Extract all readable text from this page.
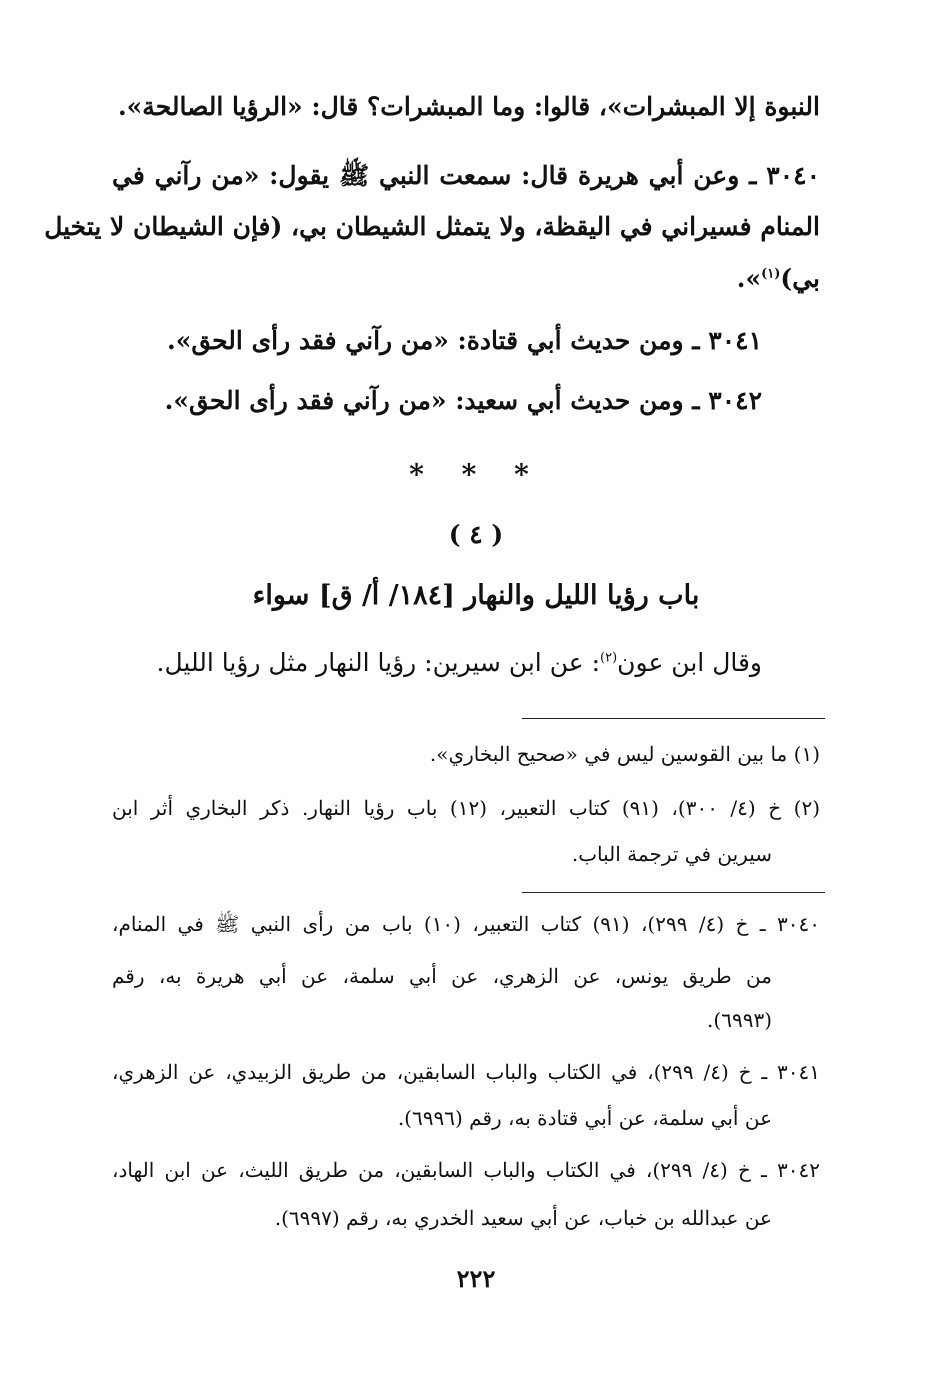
النبوة إلا المبشرات»، قالوا: وما المبشرات؟ قال: «الرؤيا الصالحة».
٣٠٤٠ ـ وعن أبي هريرة قال: سمعت النبي ﷺ يقول: «من رآني في
المنام فسيراني في اليقظة، ولا يتمثل الشيطان بي، (فإن الشيطان لا يتخيل
بي)$^{(١)}$».
٣٠٤١ ـ ومن حديث أبي قتادة: «من رآني فقد رأى الحق».
٣٠٤٢ ـ ومن حديث أبي سعيد: «من رآني فقد رأى الحق».
* * *
( ٤ )
باب رؤيا الليل والنهار [١٨٤/ أ/ ق] سواء
وقال ابن عون$^{(٢)}$: عن ابن سيرين: رؤيا النهار مثل رؤيا الليل.
(١) ما بين القوسين ليس في «صحيح البخاري».
(٢) خ (٤/ ٣٠٠)، (٩١) كتاب التعبير، (١٢) باب رؤيا النهار. ذكر البخاري أثر ابن
سيرين في ترجمة الباب.
٣٠٤٠ ـ خ (٤/ ٢٩٩)، (٩١) كتاب التعبير، (١٠) باب من رأى النبي ﷺ في المنام،
من طريق يونس، عن الزهري، عن أبي سلمة، عن أبي هريرة به، رقم
(٦٩٩٣).
٣٠٤١ ـ خ (٤/ ٢٩٩)، في الكتاب والباب السابقين، من طريق الزبيدي، عن الزهري،
عن أبي سلمة، عن أبي قتادة به، رقم (٦٩٩٦).
٣٠٤٢ ـ خ (٤/ ٢٩٩)، في الكتاب والباب السابقين، من طريق الليث، عن ابن الهاد،
عن عبدالله بن خباب، عن أبي سعيد الخدري به، رقم (٦٩٩٧).
٢٢٢
